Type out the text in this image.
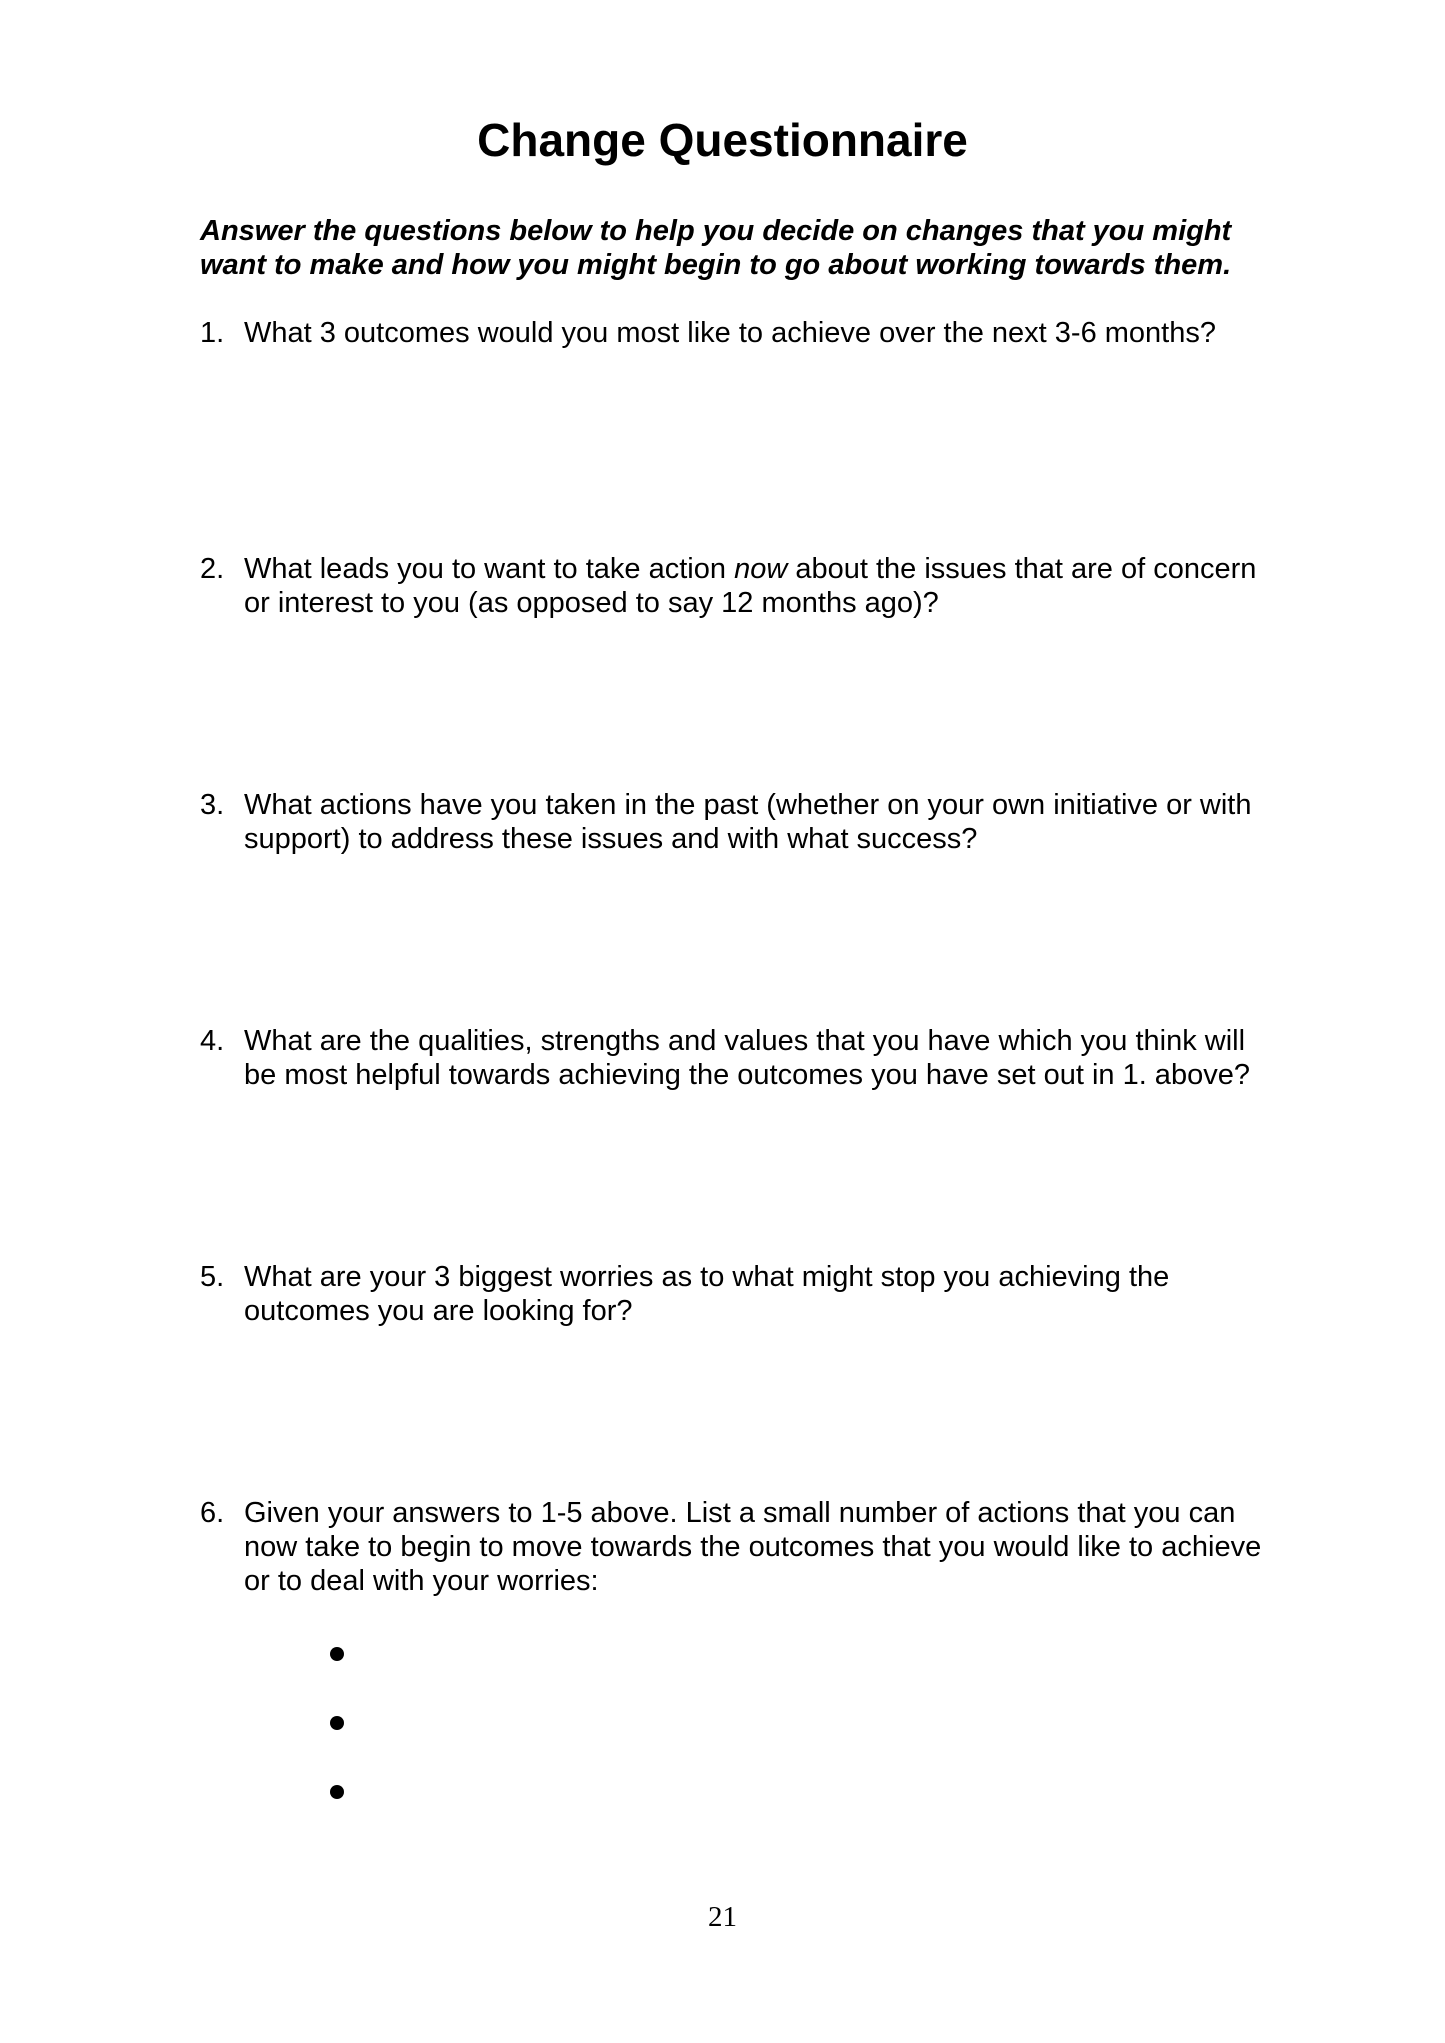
Change Questionnaire

Answer the questions below to help you decide on changes that you might want to make and how you might begin to go about working towards them.

1. What 3 outcomes would you most like to achieve over the next 3-6 months?
2. What leads you to want to take action now about the issues that are of concern or interest to you (as opposed to say 12 months ago)?
3. What actions have you taken in the past (whether on your own initiative or with support) to address these issues and with what success?
4. What are the qualities, strengths and values that you have which you think will be most helpful towards achieving the outcomes you have set out in 1. above?
5. What are your 3 biggest worries as to what might stop you achieving the outcomes you are looking for?
6. Given your answers to 1-5 above. List a small number of actions that you can now take to begin to move towards the outcomes that you would like to achieve or to deal with your worries:
21
